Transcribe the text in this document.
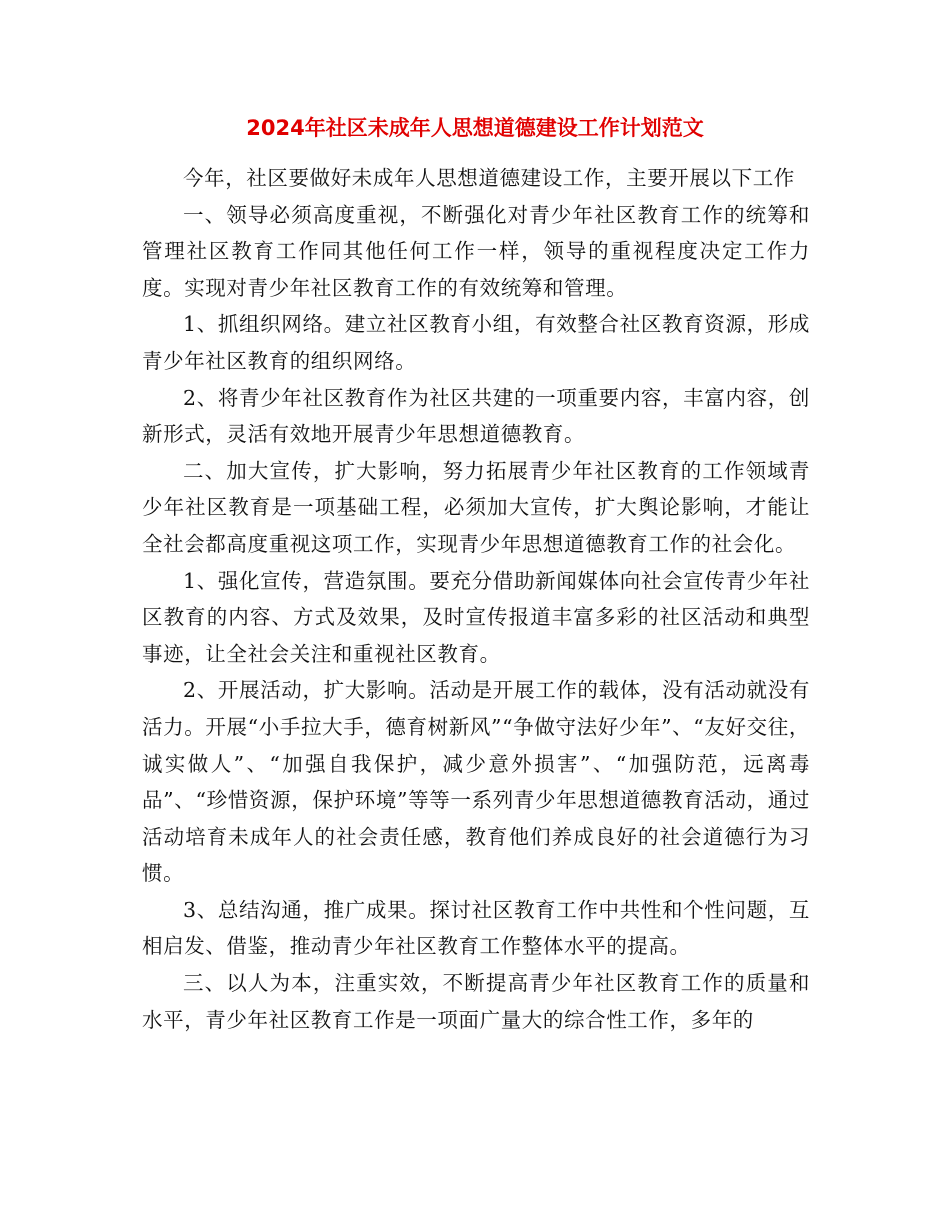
2024年社区未成年人思想道德建设工作计划范文

今年，社区要做好未成年人思想道德建设工作，主要开展以下工作

一、领导必须高度重视，不断强化对青少年社区教育工作的统筹和管理社区教育工作同其他任何工作一样，领导的重视程度决定工作力度。实现对青少年社区教育工作的有效统筹和管理。

1、抓组织网络。建立社区教育小组，有效整合社区教育资源，形成青少年社区教育的组织网络。

2、将青少年社区教育作为社区共建的一项重要内容，丰富内容，创新形式，灵活有效地开展青少年思想道德教育。

二、加大宣传，扩大影响，努力拓展青少年社区教育的工作领域青少年社区教育是一项基础工程，必须加大宣传，扩大舆论影响，才能让全社会都高度重视这项工作，实现青少年思想道德教育工作的社会化。

1、强化宣传，营造氛围。要充分借助新闻媒体向社会宣传青少年社区教育的内容、方式及效果，及时宣传报道丰富多彩的社区活动和典型事迹，让全社会关注和重视社区教育。

2、开展活动，扩大影响。活动是开展工作的载体，没有活动就没有活力。开展“小手拉大手，德育树新风”“争做守法好少年”、“友好交往，诚实做人”、“加强自我保护，减少意外损害”、“加强防范，远离毒品”、“珍惜资源，保护环境”等等一系列青少年思想道德教育活动，通过活动培育未成年人的社会责任感，教育他们养成良好的社会道德行为习惯。

3、总结沟通，推广成果。探讨社区教育工作中共性和个性问题，互相启发、借鉴，推动青少年社区教育工作整体水平的提高。

三、以人为本，注重实效，不断提高青少年社区教育工作的质量和水平，青少年社区教育工作是一项面广量大的综合性工作，多年的
